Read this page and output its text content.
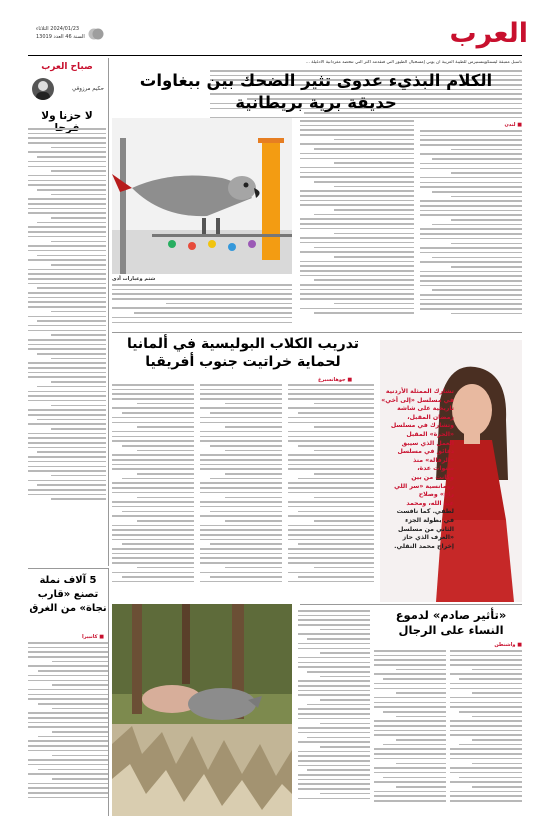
العرب
2024/01/23 الثلاثاء
السنة 46 العدد 13019
تاسبل ممبقة ليستكويتستيرس للطيبة العربية أن يوني إمسحبال الطيور التي فتقدمه أكثر التي تتحضد مغردانية الادغيلة ...
الكلام البذيء عدوى تثير الضحك بين ببغاوات
حديقة برية بريطانية
صباح العرب
حكيم مرزوقي
لا حزنا ولا
شتم وعبارات أذى
■ لندن
تدريب الكلاب البوليسية في ألمانيا لحماية خراتيت جنوب أفريقيا
■ جوهانسبرغ
تشارك الممثلة الأردنية
في مسلسل «إلى أخي»
تاريخية على شاشة
رمضان المقبل،
وتشارك في مسلسل
«الحرة» المقبل
العمل الذي سيبق
دقائق في مسلسل
«الرفالة» منذ
سنوات عدة،
وكانت من بين
رومانسية «سر اللي
راح» وصلاح
عبد الله، ومحمد
لطفي. كما نافست
في بطولة الجزء
الثاني من مسلسل
«العرف الذي حاز
إخراج محمد النقلي.
«تأثير صادم» لدموع النساء على الرجال
■ واشنطن
5 آلاف نملة تصنع «قارب نجاة» من الغرق
■ كانبيرا
